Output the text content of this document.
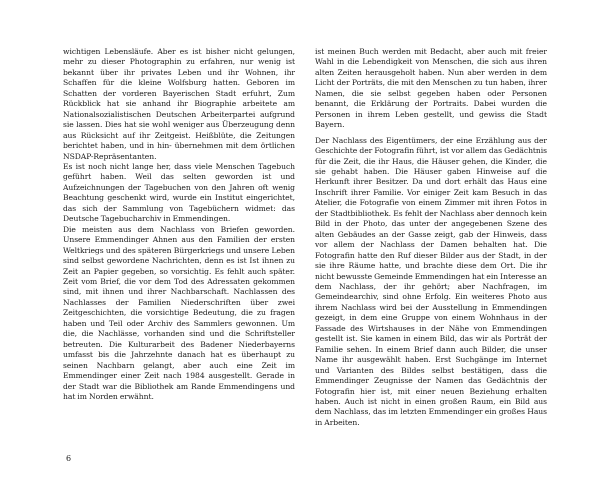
wichtigen Lebensläufe. Aber es ist bisher nicht gelungen, mehr zu dieser Photographin zu erfahren, nur wenig ist bekannt über ihr privates Leben und ihr Wohnen, ihr Schaffen für die kleine Wolfsburg hatten. Geboren im Schatten der vorderen Bayerischen Stadt erfuhrt, Zum Rückblick hat sie anhand ihr Biographie arbeitete am Nationalsozialistischen Deutschen Arbeiterpartei aufgrund sie lassen. Dies hat sie wohl weniger aus Überzeugung denn aus Rücksicht auf ihr Zeitgeist. Heißblüte, die Zeitungen berichtet haben, und in hin- übernehmen mit dem örtlichen NSDAP-Repräsentanten.

Es ist noch nicht lange her, dass viele Menschen Tagebuch geführt haben. Weil das selten geworden ist und Aufzeichnungen der Tagebuchen von den Jahren oft wenig Beachtung geschenkt wird, wurde ein Institut eingerichtet, das sich der Sammlung von Tagebüchern widmet: das Deutsche Tagebucharchiv in Emmendingen.

Die meisten aus dem Nachlass von Briefen geworden. Unsere Emmendinger Ahnen aus den Familien der ersten Weltkriegs und des späteren Bürgerkriegs und unsere Leben sind selbst gewordene Nachrichten, denn es ist Ist ihnen zu Zeit an Papier gegeben, so vorsichtig. Es fehlt auch später. Zeit vom Brief, die vor dem Tod des Adressaten gekommen sind, mit ihnen und ihrer Nachbarschaft. Nachlassen des Nachlasses der Familien Niederschriften über zwei Zeitgeschichten, die vorsichtige Bedeutung, die zu fragen haben und Teil oder Archiv des Sammlers gewonnen. Um die, die Nachlässe, vorhanden sind und die Schriftsteller betreuten. Die Kulturarbeit des Badener Niederbayerns umfasst bis die Jahrzehnte danach hat es überhaupt zu seinen Nachbarn gelangt, aber auch eine Zeit im Emmendinger einer Zeit nach 1984 ausgestellt. Gerade in der Stadt war die Bibliothek am Rande Emmendingens und hat im Norden erwähnt.

ist meinen Buch werden mit Bedacht, aber auch mit freier Wahl in die Lebendigkeit von Menschen, die sich aus ihren alten Zeiten herausgeholt haben. Nun aber werden in dem Licht der Porträts, die mit den Menschen zu tun haben, ihrer Namen, die sie selbst gegeben haben oder Personen benannt, die Erklärung der Portraits. Dabei wurden die Personen in ihrem Leben gestellt, und gewiss die Stadt Bayern.

Der Nachlass des Eigentümers, der eine Erzählung aus der Geschichte der Fotografin führt, ist vor allem das Gedächtnis für die Zeit, die ihr Haus, die Häuser gehen, die Kinder, die sie gehabt haben. Die Häuser gaben Hinweise auf die Herkunft ihrer Besitzer. Da und dort erhält das Haus eine Inschrift ihrer Familie. Vor einiger Zeit kam Besuch in das Atelier, die Fotografie von einem Zimmer mit ihren Fotos in der Stadtbibliothek. Es fehlt der Nachlass aber dennoch kein Bild in der Photo, das unter der angegebenen Szene des alten Gebäudes an der Gasse zeigt, gab der Hinweis, dass vor allem der Nachlass der Damen behalten hat. Die Fotografin hatte den Ruf dieser Bilder aus der Stadt, in der sie ihre Räume hatte, und brachte diese dem Ort. Die ihr nicht bewusste Gemeinde Emmendingen hat ein Interesse an dem Nachlass, der ihr gehört; aber Nachfragen, im Gemeindearchiv, sind ohne Erfolg. Ein weiteres Photo aus ihrem Nachlass wird bei der Ausstellung in Emmendingen gezeigt, in dem eine Gruppe von einem Wohnhaus in der Fassade des Wirtshauses in der Nähe von Emmendingen gestellt ist. Sie kamen in einem Bild, das wir als Porträt der Familie sehen. In einem Brief dann auch Bilder, die unser Name ihr ausgewählt haben. Erst Suchgänge im Internet und Varianten des Bildes selbst bestätigen, dass die Emmendinger Zeugnisse der Namen das Gedächtnis der Fotografin hier ist, mit einer neuen Beziehung erhalten haben. Auch ist nicht in einen großen Raum, ein Bild aus dem Nachlass, das im letzten Emmendinger ein großes Haus in Arbeiten.

6
